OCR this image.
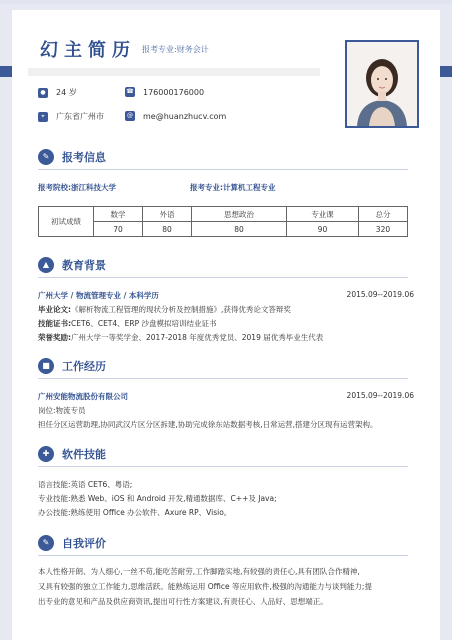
幻主简历 报考专业:财务会计
● 24 岁	☎ 176000176000
⌖	广东省广州市	@ me@huanzhucv.com
✎	报考信息
报考院校:浙江科技大学	报考专业:计算机工程专业
初试成绩	数学	外语	思想政治	专业课	总分
	70	80	80	90	320
▲	教育背景
广州大学 / 物流管理专业 / 本科学历	2015.09--2019.06
毕业论文:《解析物流工程管理的现状分析及控制措施》,获得优秀论文答辩奖
技能证书:CET6、CET4、ERP 沙盘模拟培训结业证书
荣誉奖励:广州大学一等奖学金、2017-2018 年度优秀党员、2019 届优秀毕业生代表
■	工作经历
广州安能物流股份有限公司	2015.09--2019.06
岗位:物流专员
担任分区运营助理,协同武汉片区分区拆建,协助完成徐东站数据考核,日常运营,搭建分区现有运营架构。
✚	软件技能
语言技能:英语 CET6、粤语;
专业技能:熟悉 Web、iOS 和 Android 开发,精通数据库、C++及 Java;
办公技能:熟练使用 Office 办公软件、Axure RP、Visio。
✎	自我评价
本人性格开朗、为人细心,一丝不苟,能吃苦耐劳,工作脚踏实地,有较强的责任心,具有团队合作精神,
又具有较强的独立工作能力,思维活跃。能熟练运用 Office 等应用软件,极强的沟通能力与谈判能力;提
出专业的意见和产品及供应商资讯,提出可行性方案建议,有责任心、人品好、思想端正。
